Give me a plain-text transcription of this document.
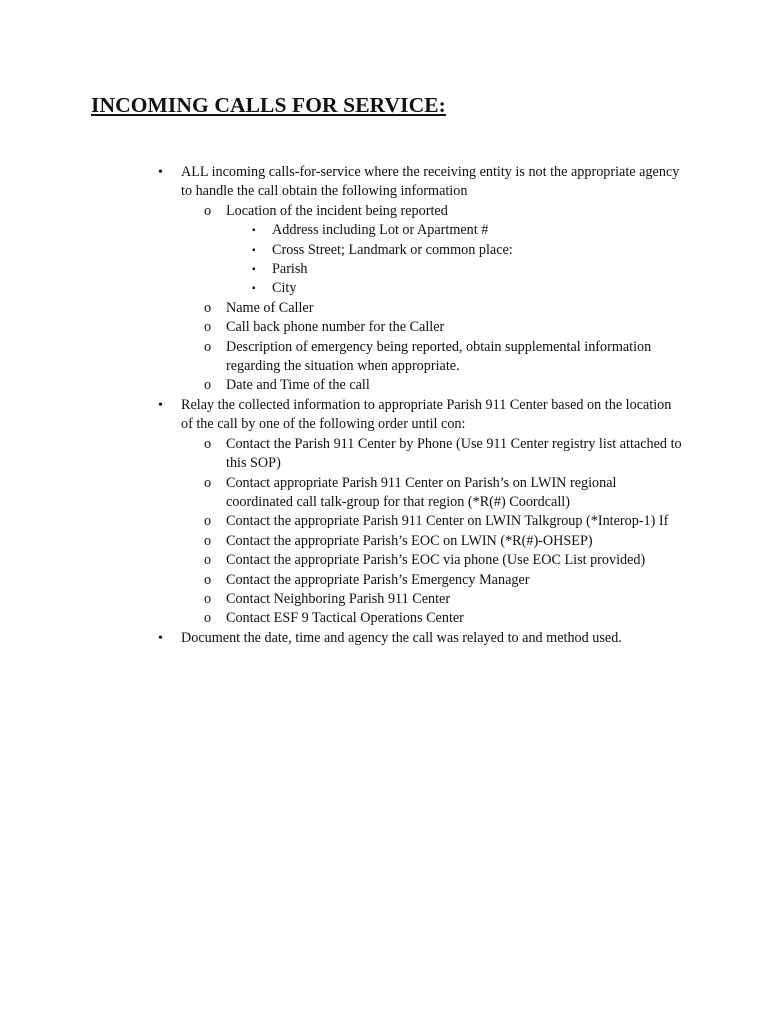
INCOMING CALLS FOR SERVICE:
• ALL incoming calls-for-service where the receiving entity is not the appropriate agency to handle the call obtain the following information
o Location of the incident being reported
▪ Address including Lot or Apartment #
▪ Cross Street; Landmark or common place:
▪ Parish
▪ City
o Name of Caller
o Call back phone number for the Caller
o Description of emergency being reported, obtain supplemental information regarding the situation when appropriate.
o Date and Time of the call
• Relay the collected information to appropriate Parish 911 Center based on the location of the call by one of the following order until con:
o Contact the Parish 911 Center by Phone (Use 911 Center registry list attached to this SOP)
o Contact appropriate Parish 911 Center on Parish’s on LWIN regional coordinated call talk-group for that region (*R(#) Coordcall)
o Contact the appropriate Parish 911 Center on LWIN Talkgroup (*Interop-1) If
o Contact the appropriate Parish’s EOC on LWIN (*R(#)-OHSEP)
o Contact the appropriate Parish’s EOC via phone (Use EOC List provided)
o Contact the appropriate Parish’s Emergency Manager
o Contact Neighboring Parish 911 Center
o Contact ESF 9 Tactical Operations Center
• Document the date, time and agency the call was relayed to and method used.
